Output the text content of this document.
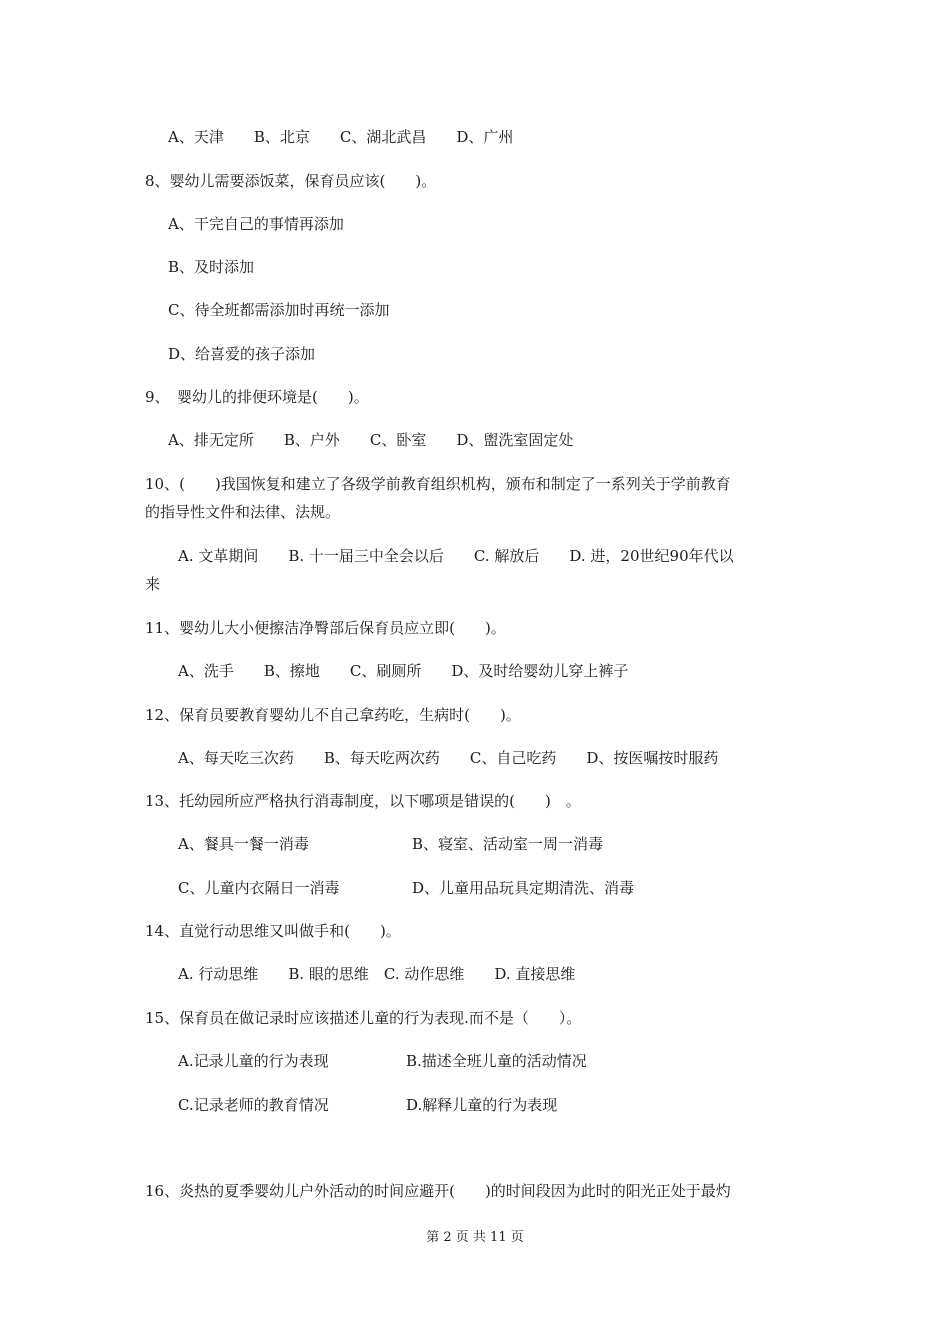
A、天津　　B、北京　　C、湖北武昌　　D、广州
8、婴幼儿需要添饭菜，保育员应该(　　)。
A、干完自己的事情再添加
B、及时添加
C、待全班都需添加时再统一添加
D、给喜爱的孩子添加
9、　婴幼儿的排便环境是(　　)。
A、排无定所　　B、户外　　C、卧室　　D、盥洗室固定处
10、(　　)我国恢复和建立了各级学前教育组织机构，颁布和制定了一系列关于学前教育
的指导性文件和法律、法规。
A. 文革期间　　B. 十一届三中全会以后　　C. 解放后　　D. 进，20世纪90年代以
来
11、婴幼儿大小便擦洁净臀部后保育员应立即(　　)。
A、洗手　　B、擦地　　C、刷厕所　　D、及时给婴幼儿穿上裤子
12、保育员要教育婴幼儿不自己拿药吃，生病时(　　)。
A、每天吃三次药　　B、每天吃两次药　　C、自己吃药　　D、按医嘱按时服药
13、托幼园所应严格执行消毒制度，以下哪项是错误的(　　)　。
A、餐具一餐一消毒	B、寝室、活动室一周一消毒
C、儿童内衣隔日一消毒	D、儿童用品玩具定期清洗、消毒
14、直觉行动思维又叫做手和(　　)。
A. 行动思维　　B. 眼的思维　C. 动作思维　　D. 直接思维
15、保育员在做记录时应该描述儿童的行为表现.而不是（　　）。
A.记录儿童的行为表现	B.描述全班儿童的活动情况
C.记录老师的教育情况	D.解释儿童的行为表现
16、炎热的夏季婴幼儿户外活动的时间应避开(　　)的时间段因为此时的阳光正处于最灼
第 2 页 共 11 页
